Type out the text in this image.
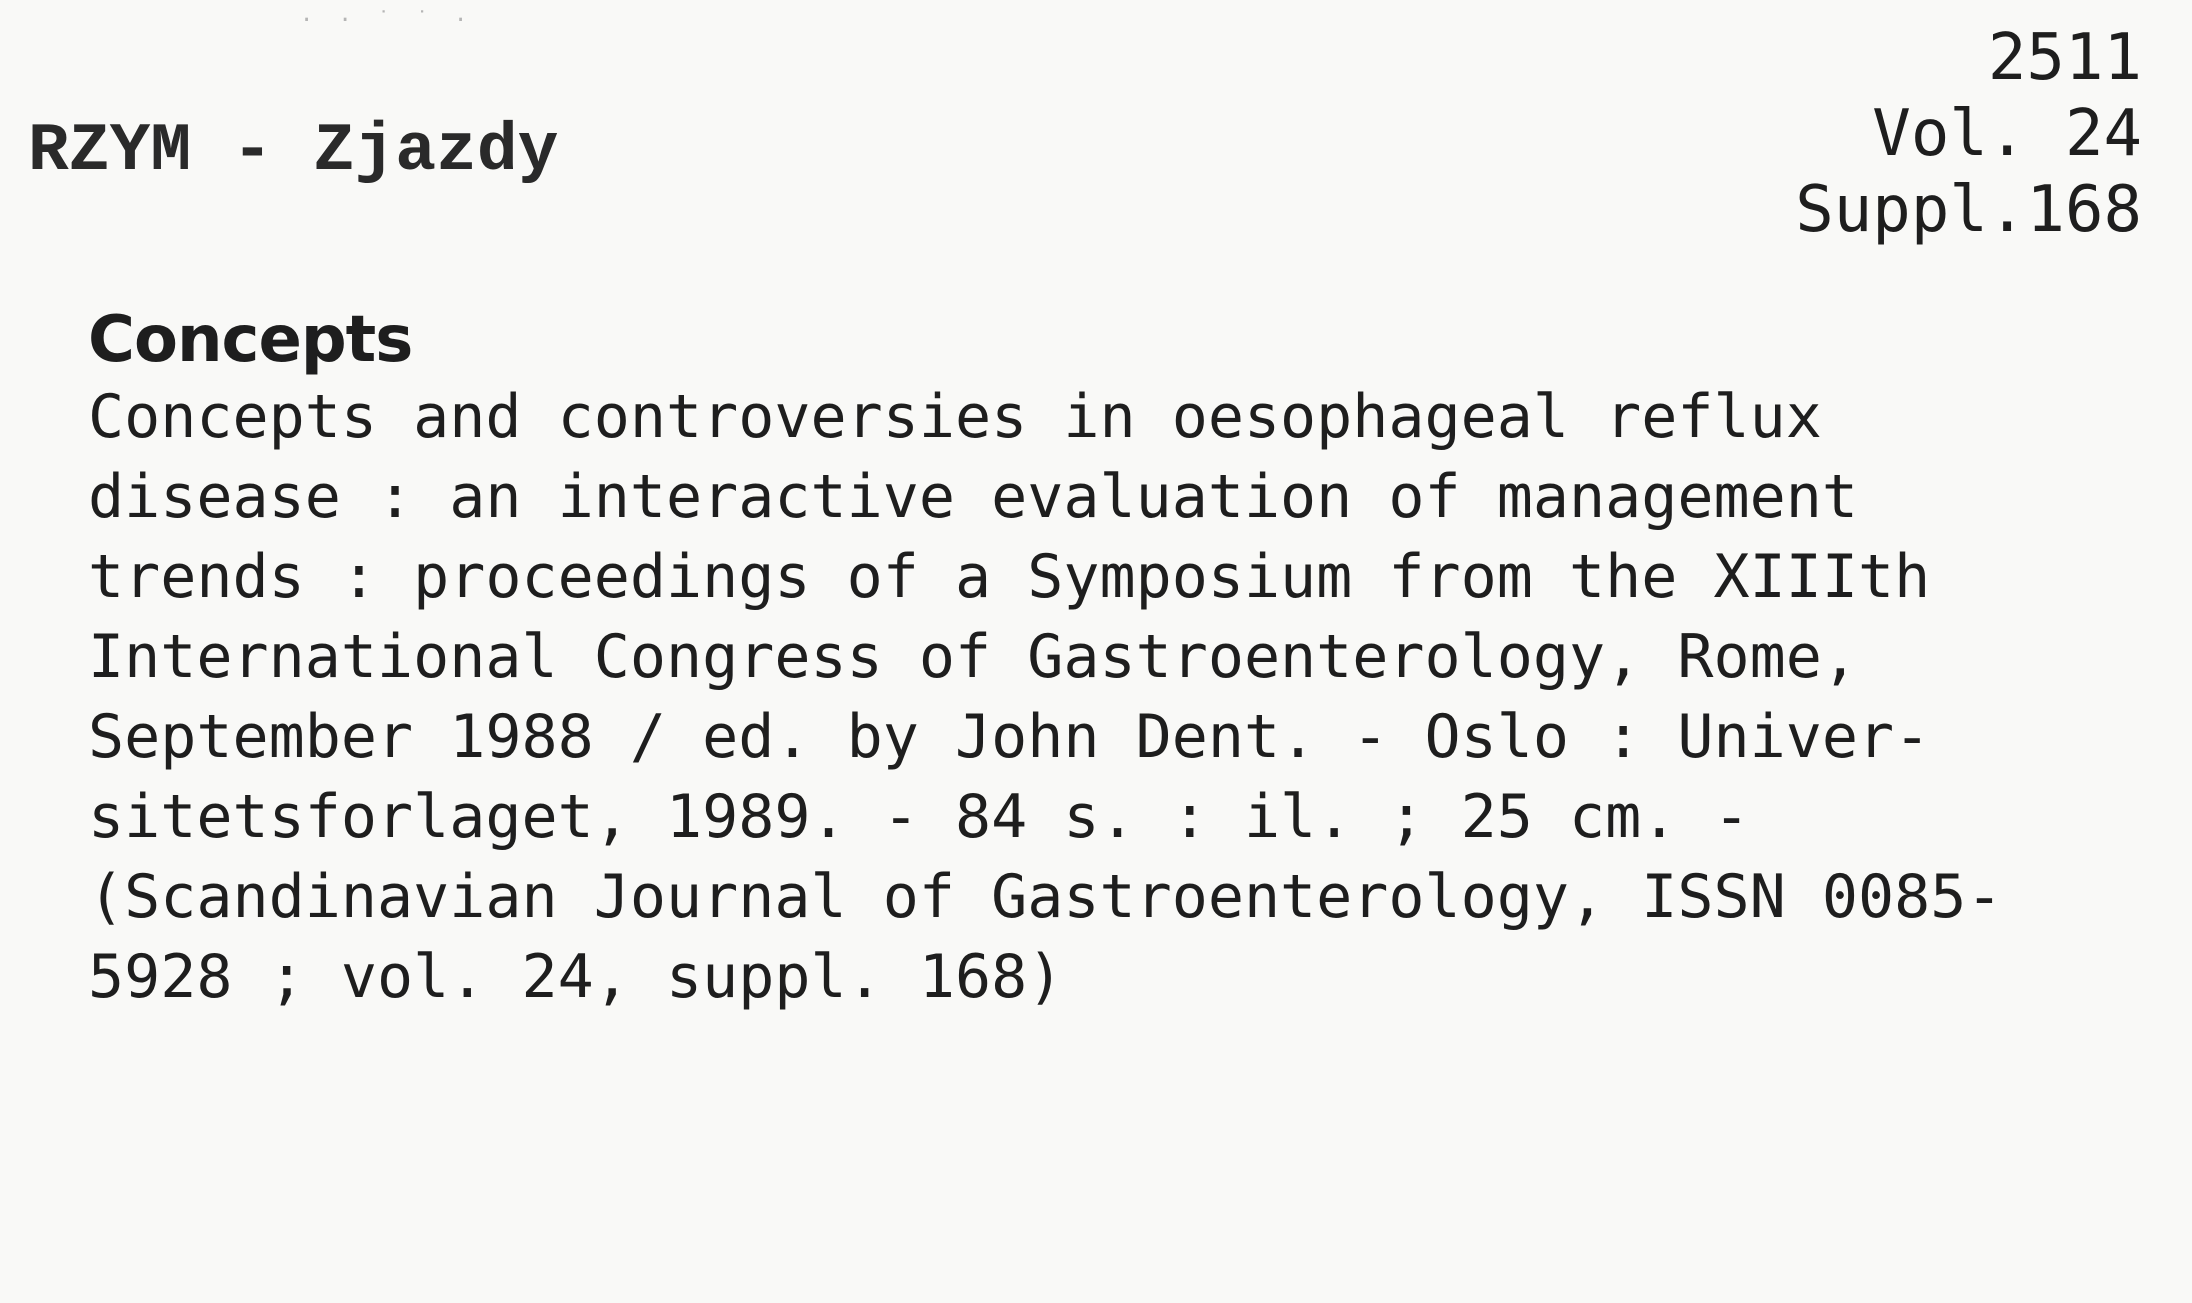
· · ˙ ˙ ·
RZYM - Zjazdy
2511
Vol. 24
Suppl.168
Concepts
Concepts and controversies in oesophageal reflux
disease : an interactive evaluation of management
trends : proceedings of a Symposium from the XIIIth
International Congress of Gastroenterology, Rome,
September 1988 / ed. by John Dent. - Oslo : Univer-
sitetsforlaget, 1989. - 84 s. : il. ; 25 cm. -
(Scandinavian Journal of Gastroenterology, ISSN 0085-
5928 ; vol. 24, suppl. 168)
